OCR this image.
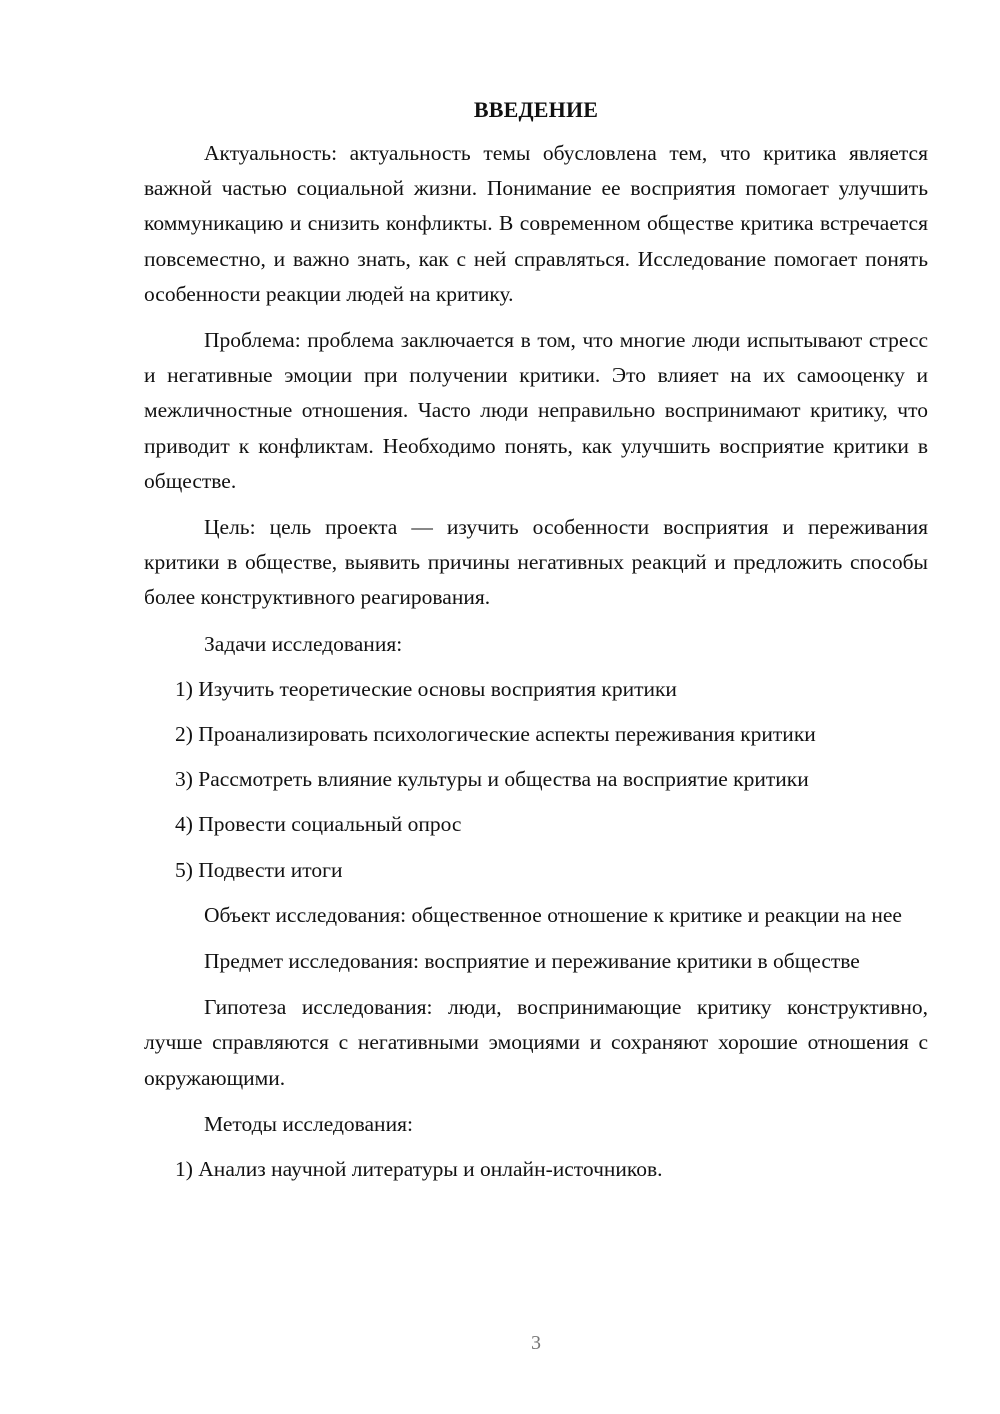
ВВЕДЕНИЕ

Актуальность: актуальность темы обусловлена тем, что критика является важной частью социальной жизни. Понимание ее восприятия помогает улучшить коммуникацию и снизить конфликты. В современном обществе критика встречается повсеместно, и важно знать, как с ней справляться. Исследование помогает понять особенности реакции людей на критику.

Проблема: проблема заключается в том, что многие люди испытывают стресс и негативные эмоции при получении критики. Это влияет на их самооценку и межличностные отношения. Часто люди неправильно воспринимают критику, что приводит к конфликтам. Необходимо понять, как улучшить восприятие критики в обществе.

Цель: цель проекта — изучить особенности восприятия и переживания критики в обществе, выявить причины негативных реакций и предложить способы более конструктивного реагирования.

Задачи исследования:
1) Изучить теоретические основы восприятия критики
2) Проанализировать психологические аспекты переживания критики
3) Рассмотреть влияние культуры и общества на восприятие критики
4) Провести социальный опрос
5) Подвести итоги

Объект исследования: общественное отношение к критике и реакции на нее

Предмет исследования: восприятие и переживание критики в обществе

Гипотеза исследования: люди, воспринимающие критику конструктивно, лучше справляются с негативными эмоциями и сохраняют хорошие отношения с окружающими.

Методы исследования:
1) Анализ научной литературы и онлайн-источников.
3
